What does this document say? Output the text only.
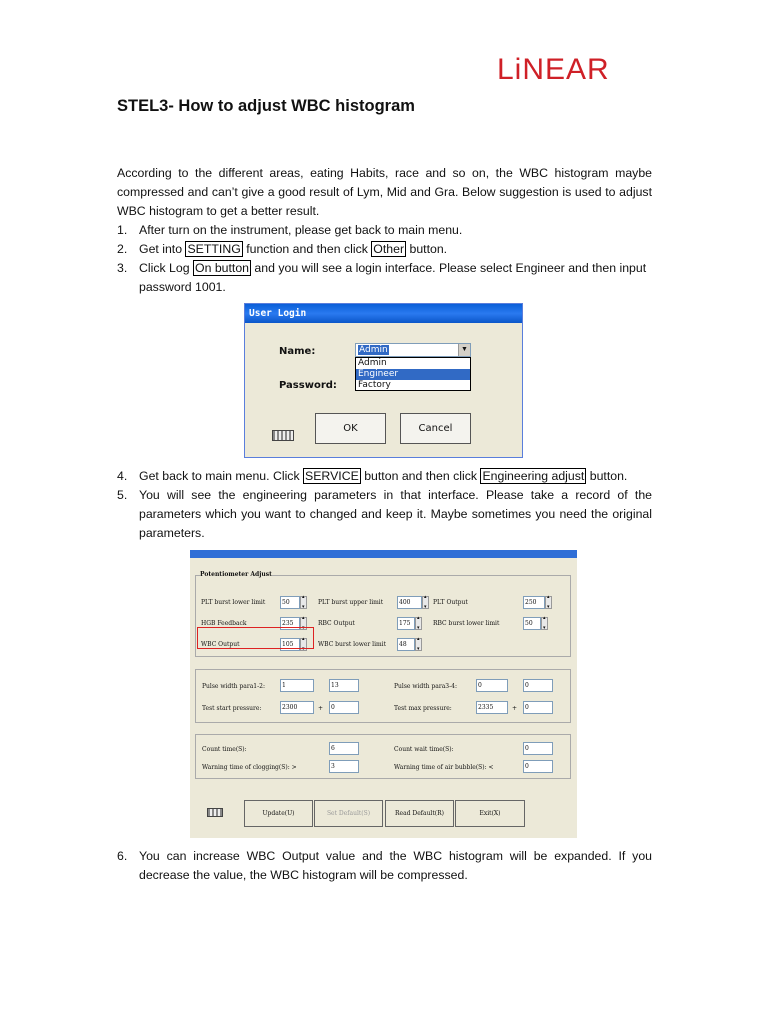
LiNEAR
STEL3- How to adjust WBC histogram
According to the different areas, eating Habits, race and so on, the WBC histogram maybe compressed and can’t give a good result of Lym, Mid and Gra. Below suggestion is used to adjust WBC histogram to get a better result.
1. After turn on the instrument, please get back to main menu.
2. Get into SETTING function and then click Other button.
3. Click Log On button and you will see a login interface. Please select Engineer and then input
password 1001.
User Login
Name:
Password:
Admin	▼
Admin
Engineer
Factory
OK	Cancel
4. Get back to main menu. Click SERVICE button and then click Engineering adjust button.
5. You will see the engineering parameters in that interface. Please take a record of the
parameters which you want to changed and keep it. Maybe sometimes you need the original
parameters.
Potentiometer Adjust
PLT burst lower limit	50 ▴ ▾	PLT burst upper limit	400 ▴ ▾	PLT Output	250
▴ ▾
HGB Feedback	235 ▴ ▾	RBC Output	175 ▴ ▾	RBC burst lower limit	50
▴ ▾
WBC Output	105 ▴ ▾	WBC burst lower limit	48
▴ ▾
Pulse width para1-2:	1	13	Pulse width para3-4:	0	0
Test start pressure:	2300	+	0	Test max pressure:	2335	+	0
Count time(S):	6	Count wait time(S):	0
Warning time of clogging(S): >	3	Warning time of air bubble(S): <	0
Update(U)	Set Default(S)	Read Default(R)	Exit(X)
6. You can increase WBC Output value and the WBC histogram will be expanded. If you
decrease the value, the WBC histogram will be compressed.
